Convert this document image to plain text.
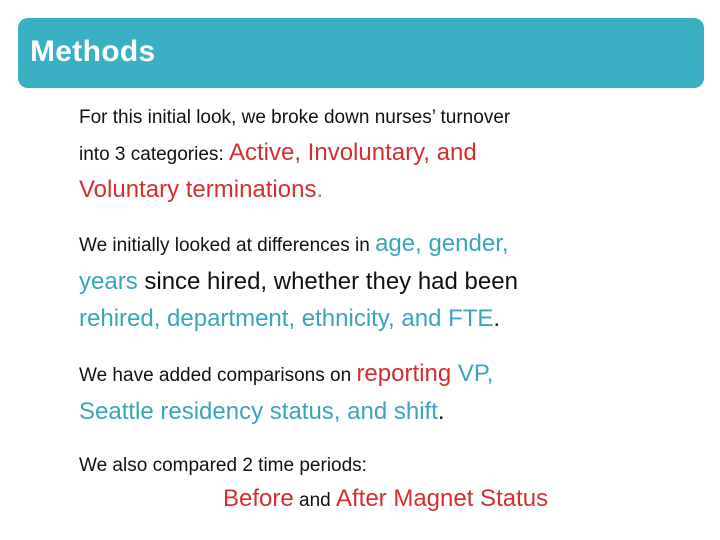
Methods
For this initial look, we broke down nurses’ turnover
into 3 categories: Active, Involuntary, and
Voluntary terminations.
We initially looked at differences in age, gender,
years since hired, whether they had been
rehired, department, ethnicity, and FTE.
We have added comparisons on reporting VP,
Seattle residency status, and shift.
We also compared 2 time periods:
Before and After Magnet Status
